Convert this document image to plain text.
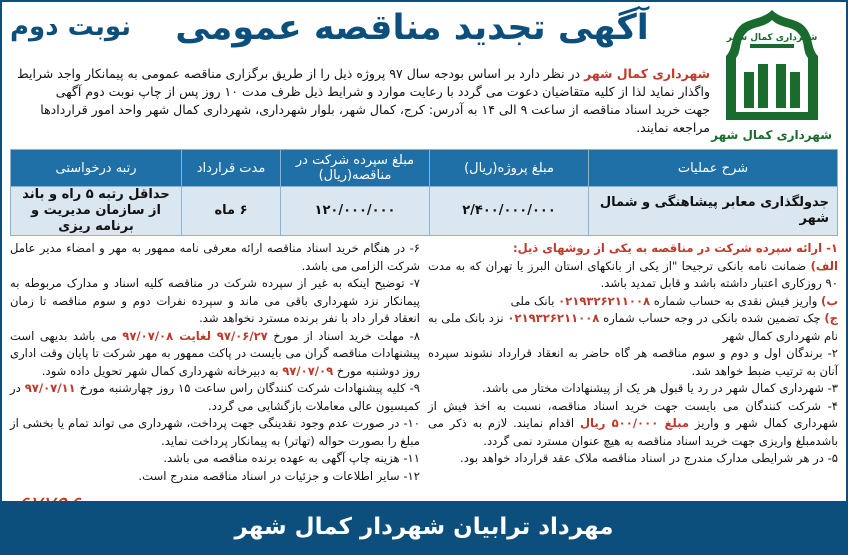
آگهی تجدید مناقصه عمومی
نوبت دوم	شهرداری کمال شهر
شهرداری کمال شهر
شهرداری کمال شهر در نظر دارد بر اساس بودجه سال ۹۷ پروژه ذیل را از طریق برگزاری مناقصه عمومی به پیمانکار واجد شرایط
واگذار نماید لذا از کلیه متقاضیان دعوت می گردد با رعایت موارد و شرایط ذیل ظرف مدت ۱۰ روز پس از چاپ نوبت دوم آگهی
جهت خرید اسناد مناقصه از ساعت ۹ الی ۱۴ به آدرس: کرج، کمال شهر، بلوار شهرداری، شهرداری کمال شهر واحد امور قراردادها
مراجعه نمایند.
شرح عملیات	مبلغ پروژه(ریال)	مبلغ سپرده شرکت در مناقصه(ریال)	مدت قرارداد	رتبه درخواستی
جدولگذاری معابر پیشاهنگی و شمال شهر	۲/۴۰۰/۰۰۰/۰۰۰	۱۲۰/۰۰۰/۰۰۰	۶ ماه	حداقل رتبه ۵ راه و باند از سازمان مدیریت و برنامه ریزی

۱- ارائه سپرده شرکت در مناقصه به یکی از روشهای ذیل:

الف) ضمانت نامه بانکی ترجیحا "از یکی از بانکهای استان البرز یا تهران که به مدت ۹۰ روزکاری اعتبار داشته باشد و قابل تمدید باشد.

ب) واریز فیش نقدی به حساب شماره ۰۲۱۹۳۲۶۲۱۱۰۰۸ بانک ملی

ج) چک تضمین شده بانکی در وجه حساب شماره ۰۲۱۹۳۲۶۲۱۱۰۰۸ نزد بانک ملی به نام شهرداری کمال شهر

۲- برندگان اول و دوم و سوم مناقصه هر گاه حاضر به انعقاد قرارداد نشوند سپرده آنان به ترتیب ضبط خواهد شد.

۳- شهرداری کمال شهر در رد یا قبول هر یک از پیشنهادات مختار می باشد.

۴- شرکت کنندگان می بایست جهت خرید اسناد مناقصه، نسبت به اخذ فیش از شهرداری کمال شهر و واریز مبلغ ۵۰۰/۰۰۰ ریال اقدام نمایند. لازم به ذکر می باشدمبلغ واریزی جهت خرید اسناد مناقصه به هیچ عنوان مسترد نمی گردد.

۵- در هر شرایطی مدارک مندرج در اسناد مناقصه ملاک عقد قرارداد خواهد بود.

۶- در هنگام خرید اسناد مناقصه ارائه معرفی نامه ممهور به مهر و امضاء مدیر عامل شرکت الزامی می باشد.

۷- توضیح اینکه به غیر از سپرده شرکت در مناقصه کلیه اسناد و مدارک مربوطه به پیمانکار نزد شهرداری باقی می ماند و سپرده نفرات دوم و سوم مناقصه تا زمان انعقاد قرار داد با نفر برنده مسترد نخواهد شد.

۸- مهلت خرید اسناد از مورخ ۹۷/۰۶/۲۷ لغایت ۹۷/۰۷/۰۸ می باشد بدیهی است پیشنهادات مناقصه گران می بایست در پاکت ممهور به مهر شرکت تا پایان وقت اداری روز دوشنبه مورخ ۹۷/۰۷/۰۹ به دبیرخانه شهرداری کمال شهر تحویل داده شود.

۹- کلیه پیشنهادات شرکت کنندگان راس ساعت ۱۵ روز چهارشنبه مورخ ۹۷/۰۷/۱۱ در کمیسیون عالی معاملات بازگشایی می گردد.

۱۰- در صورت عدم وجود نقدینگی جهت پرداخت، شهرداری می تواند تمام یا بخشی از مبلغ را بصورت حواله (تهاتر) به پیمانکار پرداخت نماید.

۱۱- هزینه چاپ آگهی به عهده برنده مناقصه می باشد.

۱۲- سایر اطلاعات و جزئیات در اسناد مناقصه مندرج است.

مهرداد ترابیان شهردار کمال شهر
